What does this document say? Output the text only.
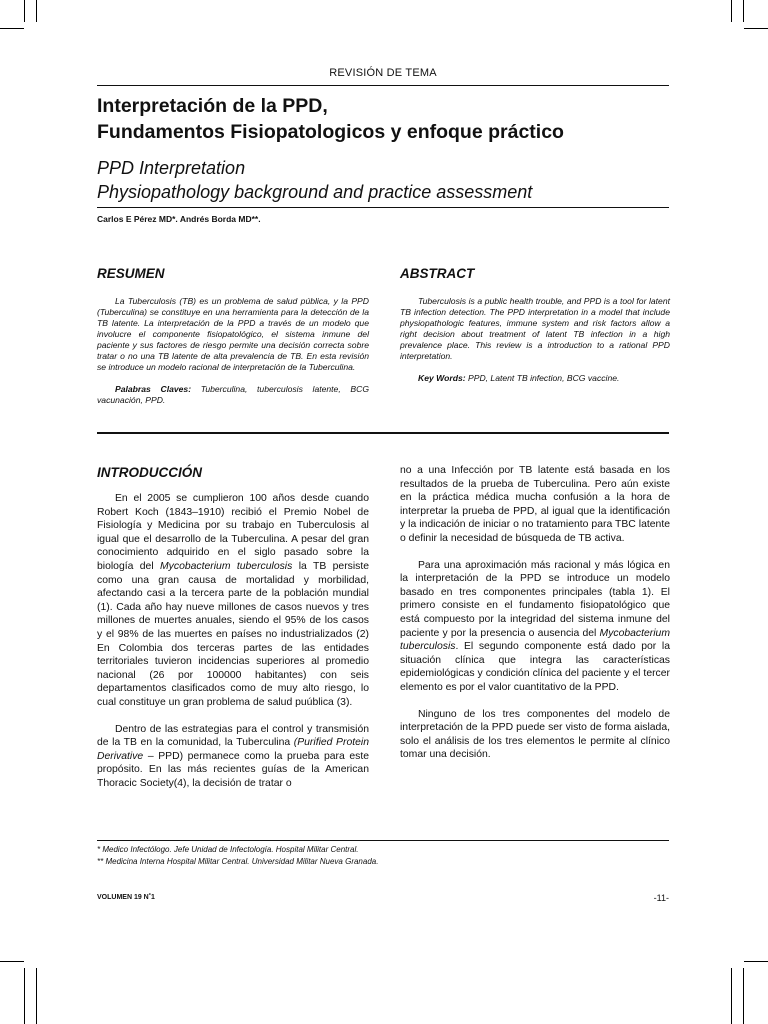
REVISIÓN DE TEMA
Interpretación de la PPD,
Fundamentos Fisiopatologicos y enfoque práctico
PPD Interpretation
Physiopathology background and practice assessment
Carlos E Pérez MD*. Andrés Borda MD**.
RESUMEN

La Tuberculosis (TB) es un problema de salud pública, y la PPD (Tuberculina) se constituye en una herramienta para la detección de la TB latente. La interpretación de la PPD a través de un modelo que involucre el componente fisiopatológico, el sistema inmune del paciente y sus factores de riesgo permite una decisión correcta sobre tratar o no una TB latente de alta prevalencia de TB. En esta revisión se introduce un modelo racional de interpretación de la Tuberculina.

Palabras Claves: Tuberculina, tuberculosis latente, BCG vacunación, PPD.

ABSTRACT

Tuberculosis is a public health trouble, and PPD is a tool for latent TB infection detection. The PPD interpretation in a model that include physiopathologic features, immune system and risk factors allow a right decision about treatment of latent TB infection in a high prevalence place. This review is a introduction to a rational PPD interpretation.

Key Words: PPD, Latent TB infection, BCG vaccine.

INTRODUCCIÓN

En el 2005 se cumplieron 100 años desde cuando Robert Koch (1843–1910) recibió el Premio Nobel de Fisiología y Medicina por su trabajo en Tuberculosis al igual que el desarrollo de la Tuberculina. A pesar del gran conocimiento adquirido en el siglo pasado sobre la biología del Mycobacterium tuberculosis la TB persiste como una gran causa de mortalidad y morbilidad, afectando casi a la tercera parte de la población mundial (1). Cada año hay nueve millones de casos nuevos y tres millones de muertes anuales, siendo el 95% de los casos y el 98% de las muertes en países no industrializados (2) En Colombia dos terceras partes de las entidades territoriales tuvieron incidencias superiores al promedio nacional (26 por 100000 habitantes) con seis departamentos clasificados como de muy alto riesgo, lo cual constituye un gran problema de salud puública (3).

Dentro de las estrategias para el control y transmisión de la TB en la comunidad, la Tuberculina (Purified Protein Derivative – PPD) permanece como la prueba para este propósito. En las más recientes guías de la American Thoracic Society(4), la decisión de tratar o

no a una Infección por TB latente está basada en los resultados de la prueba de Tuberculina. Pero aún existe en la práctica médica mucha confusión a la hora de interpretar la prueba de PPD, al igual que la identificación y la indicación de iniciar o no tratamiento para TBC latente o definir la necesidad de búsqueda de TB activa.

Para una aproximación más racional y más lógica en la interpretación de la PPD se introduce un modelo basado en tres componentes principales (tabla 1). El primero consiste en el fundamento fisiopatológico que está compuesto por la integridad del sistema inmune del paciente y por la presencia o ausencia del Mycobacterium tuberculosis. El segundo componente está dado por la situación clínica que integra las características epidemiológicas y condición clínica del paciente y el tercer elemento es por el valor cuantitativo de la PPD.

Ninguno de los tres componentes del modelo de interpretación de la PPD puede ser visto de forma aislada, solo el análisis de los tres elementos le permite al clínico tomar una decisión.

* Medico Infectólogo. Jefe Unidad de Infectología. Hospital Militar Central.

** Medicina Interna Hospital Militar Central. Universidad Militar Nueva Granada.

VOLUMEN 19 N˚1	-11-
